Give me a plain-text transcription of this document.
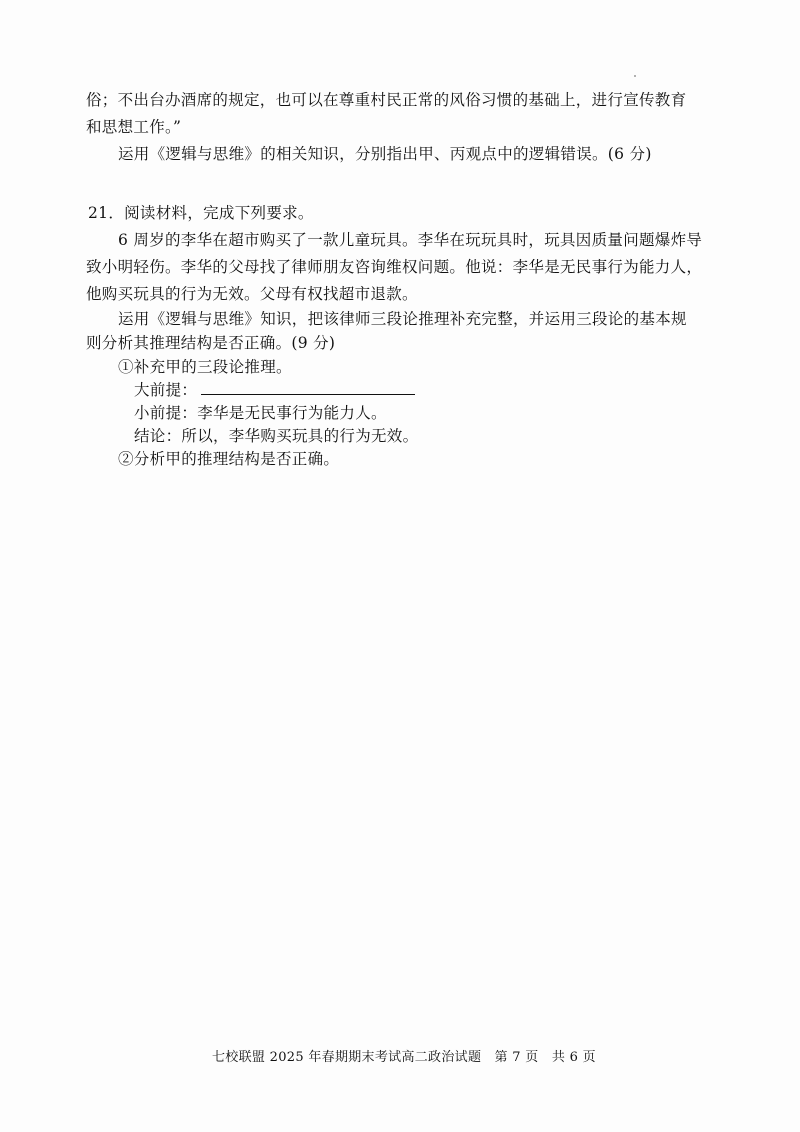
俗；不出台办酒席的规定，也可以在尊重村民正常的风俗习惯的基础上，进行宣传教育
和思想工作。”
运用《逻辑与思维》的相关知识，分别指出甲、丙观点中的逻辑错误。(6 分)
21．阅读材料，完成下列要求。
6 周岁的李华在超市购买了一款儿童玩具。李华在玩玩具时，玩具因质量问题爆炸导
致小明轻伤。李华的父母找了律师朋友咨询维权问题。他说：李华是无民事行为能力人，
他购买玩具的行为无效。父母有权找超市退款。
运用《逻辑与思维》知识，把该律师三段论推理补充完整，并运用三段论的基本规
则分析其推理结构是否正确。(9 分)
①补充甲的三段论推理。
大前提：
小前提：李华是无民事行为能力人。
结论：所以，李华购买玩具的行为无效。
②分析甲的推理结构是否正确。
七校联盟 2025 年春期期末考试高二政治试题　第 7 页　共 6 页
